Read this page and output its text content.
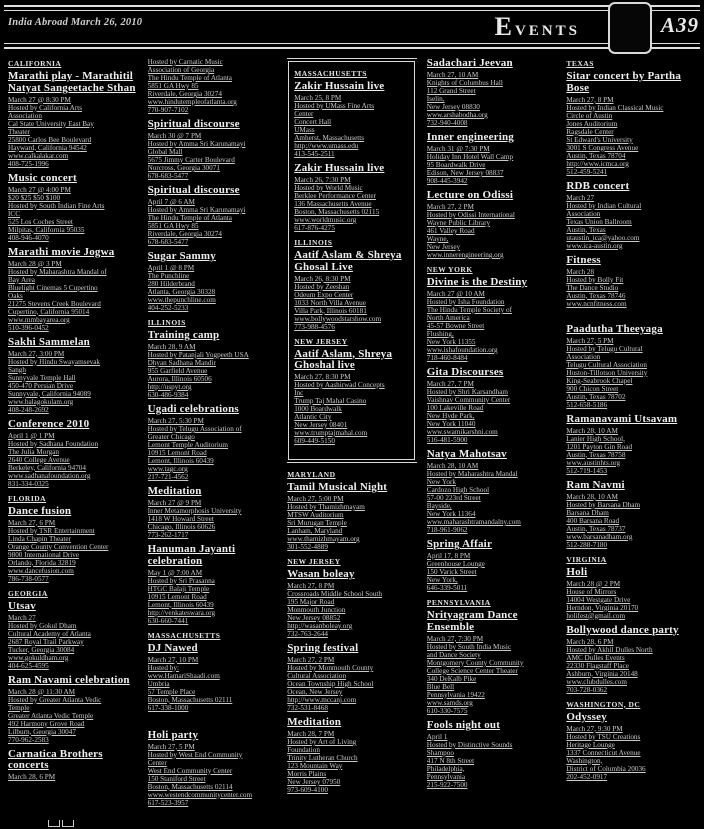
India Abroad March 26, 2010	events	A39
CALIFORNIA
Marathi play - Marathitil Natyat Sangeetache Sthan
March 27 @ 8:30 PM
Hosted by California Arts
Association
Cal State University East Bay
Theater
25800 Carlos Bee Boulevard
Hayward, California 94542
www.calkalakar.com
408-725-1996
Music concert
March 27 @ 4:00 PM
$20 $25 $50 $100
Hosted by South Indian Fine Arts
ICC
525 Los Coches Street
Milpitas, California 95035
408-946-4070
Marathi movie Jogwa
March 28 @ 3 PM
Hosted by Maharashtra Mandal of
Bay Area
Bluelight Cinemas 5 Cupertino
Oaks
21275 Stevens Creek Boulevard
Cupertino, California 95014
www.mmbayarea.org
510-396-0452
Sakhi Sammelan
March 27, 3:00 PM
Hosted by Hindu Swayamsevak
Sangh
Sunnyvale Temple Hall
450-470 Persian Drive
Sunnyvale, California 94089
www.balagokulam.org
408-248-2692
Conference 2010
April 1 @ 1 PM
Hosted by Sadhana Foundation
The Julia Morgan
2640 College Avenue
Berkeley, California 94704
www.sadhanafoundation.org
831-334-0325
FLORIDA
Dance fusion
March 27, 6 PM
Hosted by TSR Entertainment
Linda Chapin Theater
Orange County Convention Center
9800 International Drive
Orlando, Florida 32819
www.dancefusion.com
786-738-0577
GEORGIA
Utsav
March 27
Hosted by Gokul Dham
Cultural Academy of Atlanta
2687 Royal Trail Parkway
Tucker, Georgia 30084
www.gokuldham.org
404-625-4595
Ram Navami celebration
March 28 @ 11:30 AM
Hosted by Greater Atlanta Vedic
Temple
Greater Atlanta Vedic Temple
492 Harmony Grove Road
Lilburn, Georgia 30047
770-962-2583
Carnatica Brothers concerts
March 28, 6 PM
Hosted by Carnatic Music
Association of Georgia
The Hindu Temple of Atlanta
5851 GA Hwy 85
Riverdale, Georgia 30274
www.hindutempleofatlanta.org
770-907-7102
Spiritual discourse
March 30 @ 7 PM
Hosted by Amma Sri Karunamayi
Global Mall
5675 Jimmy Carter Boulevard
Norcross, Georgia 30071
678-683-5477
Spiritual discourse
April 7 @ 6 AM
Hosted by Amma Sri Karunamayi
The Hindu Temple of Atlanta
5851 GA Hwy 85
Riverdale, Georgia 30274
678-683-5477
Sugar Sammy
April 1 @ 8 PM
The Punchline
280 Hilderbrand
Atlanta, Georgia 30328
www.thepunchline.com
404-252-5233
ILLINOIS
Training camp
March 28, 9 AM
Hosted by Patanjali Yogpeeth USA
Dhyan Sadhana Mandir
955 Garfield Avenue
Aurora, Illinois 60506
http://uspyt.org
630-486-9384
Ugadi celebrations
March 27, 5:30 PM
Hosted by Telugu Association of
Greater Chicago
Lemont Temple Auditorium
10915 Lemont Road
Lemont, Illinois 60439
www.tagc.org
217-721-4562
Meditation
March 27 @ 9 PM
Inner Metamorphosis University
1418 W Howard Street
Chicago, Illinois 60626
773-262-1717
Hanuman Jayanti celebration
May 1 @ 7:00 AM
Hosted by Sri Prasanna
HTGC Balaji Temple
10915 Lemont Road
Lemont, Illinois 60439
http://venkateswara.org
630-660-7441
MASSACHUSETTS
DJ Nawed
March 27, 10 PM
Hosted by:
www.HamariShaadi.com
Umbria
57 Temple Place
Boston, Massachusetts 02111
617-338-1000
Holi party
March 27, 5 PM
Hosted by West End Community
Center
West End Community Center
150 Staniford Street
Boston, Massachusetts 02114
www.westendcommunitycenter.com
617-523-3957
MASSACHUSETTS
Zakir Hussain live
March 25, 8 PM
Hosted by UMass Fine Arts
Center
Concert Hall
UMass
Amherst, Massachusetts
http://www.umass.edu
413-545-2511
Zakir Hussain live
March 26, 7:30 PM
Hosted by World Music
Berklee Performance Center
136 Massachusetts Avenue
Boston, Massachusetts 02115
www.worldmusic.org
617-876-4275
ILLINOIS
Aatif Aslam & Shreya Ghosal Live
March 26, 8:30 PM
Hosted by Zeeshan
Odeum Expo Center
1033 North Villa Avenue
Villa Park, Illinois 60181
www.bollywoodstarshow.com
773-988-4576
NEW JERSEY
Aatif Aslam, Shreya Ghoshal live
March 27, 8:30 PM
Hosted by Aashirwad Concepts
Inc
Trump Taj Mahal Casino
1000 Boardwalk
Atlantic City
New Jersey 08401
www.trumptajmahal.com
609-449-5150
MARYLAND
Tamil Musical Night
March 27, 5:00 PM
Hosted by Thamizhmayam
MTSW Auditorium
Sri Murugan Temple
Lanham, Maryland
www.thamizhmayam.org
301-552-4889
NEW JERSEY
Wasan boleay
March 27, 8 PM
Crossroads Middle School South
195 Major Road
Monmouth Junction
New Jersey 08852
http://wasanboleay.org
732-763-2644
Spring festival
March 27, 2 PM
Hosted by Monmouth County
Cultural Association
Ocean Township High School
Ocean, New Jersey
http://www.mccanj.com
732-531-8468
Meditation
March 28, 7 PM
Hosted by Art of Living
Foundation
Trinity Lutheran Church
123 Mountain Way
Morris Plains
New Jersey 07950
973-609-4100
Sadachari Jeevan
March 27, 10 AM
Knights of Columbus Hall
112 Grand Street
Iselin,
New Jersey 08830
www.arshabodha.org
732-940-4008
Inner engineering
March 31 @ 7:30 PM
Holiday Inn Hotel Wall Camp
95 Boardwalk Drive
Edison, New Jersey 08837
908-445-3942
Lecture on Odissi
March 27, 2 PM
Hosted by Odissi International
Wayne Public Library
461 Valley Road
Wayne,
New Jersey
www.innerengineering.org
NEW YORK
Divine is the Destiny
March 27 @ 10 AM
Hosted by Isha Foundation
The Hindu Temple Society of
North America
45-57 Bowne Street
Flushing,
New York 11355
www.ishafoundation.org
718-460-8484
Gita Discourses
March 27, 7 PM
Hosted by Shri Karsandham
Vaishnav Community Center
100 Lakeville Road
New Hyde Park,
New York 11040
www.swamikarshni.com
516-481-5900
Natya Mahotsav
March 28, 10 AM
Hosted by Maharashtra Mandal
New York
Cardozo High School
57-00 223rd Street
Bayside,
New York 11364
www.maharashtramandalny.com
718-961-9062
Spring Affair
April 17, 8 PM
Greenhouse Lounge
150 Varick Street
New York,
646-339-5011
PENNSYLVANIA
Nrityagram Dance Ensemble
March 27, 7:30 PM
Hosted by South India Music
and Dance Society
Montgomery County Community
College Science Center Theater
340 DeKalb Pike
Blue Bell
Pennsylvania 19422
www.samds.org
610-330-7575
Fools night out
April 1
Hosted by Distinctive Sounds
Shampoo
417 N 8th Street
Philadelphia,
Pennsylvania
215-922-7500
TEXAS
Sitar concert by Partha Bose
March 27, 8 PM
Hosted by Indian Classical Music
Circle of Austin
Jones Auditorium
Ragsdale Center
St Edward's University
3001 S Congress Avenue
Austin, Texas 78704
http://www.icmca.org
512-459-5241
RDB concert
March 27
Hosted by Indian Cultural
Association
Texas Union Ballroom
Austin, Texas
utaustin_ica@yahoo.com
www.ica-austin.org
Fitness
March 28
Hosted by Bolly Fit
The Dance Studio
Austin, Texas 78746
www.ncnfitness.com
Paadutha Theeyaga
March 27, 5 PM
Hosted by Telugu Cultural
Association
Telugu Cultural Association
Huston-Tillotson University
King-Seabrook Chapel
900 Chicon Street
Austin, Texas 78702
512-658-5186
Ramanavami Utsavam
March 28, 10 AM
Lanier High School,
1201 Payton Gin Road
Austin, Texas 78758
www.austinhts.org
512-719-1453
Ram Navmi
March 28, 10 AM
Hosted by Barsana Dham
Barsana Dham
400 Barsana Road
Austin, Texas 78737
www.barsanadham.org
512-288-7180
VIRGINIA
Holi
March 28 @ 2 PM
House of Mirrors
14004 Westgate Drive
Herndon, Virginia 20170
holifest@gmail.com
Bollywood dance party
March 28, 6 PM
Hosted by Akhil Dulles North
AMC Dulles Events
22330 Flagstaff Place
Ashburn, Virginia 20148
www.clubdulles.com
703-728-0362
WASHINGTON, DC
Odyssey
March 27, 9:30 PM
Hosted by TSU Creations
Heritage Lounge
1337 Connecticut Avenue
Washington,
District of Columbia 20036
202-452-0917
